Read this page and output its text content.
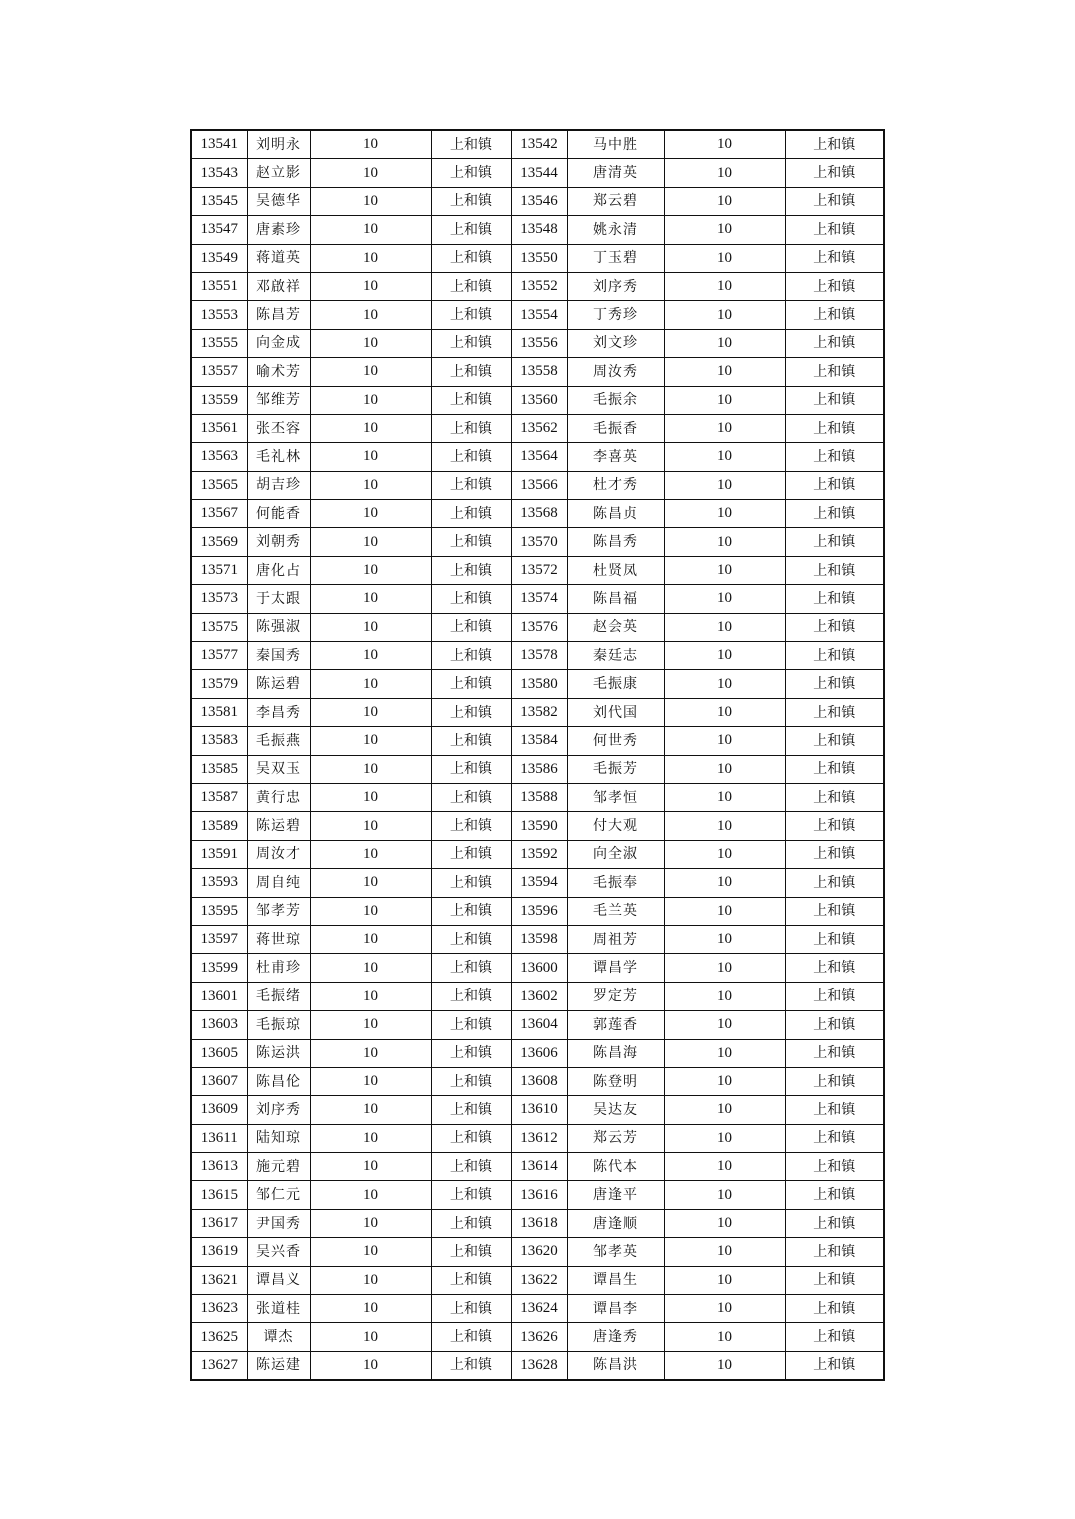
13541	刘明永	10	上和镇	13542	马中胜	10	上和镇
13543	赵立影	10	上和镇	13544	唐清英	10	上和镇
13545	吴德华	10	上和镇	13546	郑云碧	10	上和镇
13547	唐素珍	10	上和镇	13548	姚永清	10	上和镇
13549	蒋道英	10	上和镇	13550	丁玉碧	10	上和镇
13551	邓啟祥	10	上和镇	13552	刘序秀	10	上和镇
13553	陈昌芳	10	上和镇	13554	丁秀珍	10	上和镇
13555	向金成	10	上和镇	13556	刘文珍	10	上和镇
13557	喻术芳	10	上和镇	13558	周汝秀	10	上和镇
13559	邹维芳	10	上和镇	13560	毛振余	10	上和镇
13561	张丕容	10	上和镇	13562	毛振香	10	上和镇
13563	毛礼林	10	上和镇	13564	李喜英	10	上和镇
13565	胡吉珍	10	上和镇	13566	杜才秀	10	上和镇
13567	何能香	10	上和镇	13568	陈昌贞	10	上和镇
13569	刘朝秀	10	上和镇	13570	陈昌秀	10	上和镇
13571	唐化占	10	上和镇	13572	杜贤凤	10	上和镇
13573	于太跟	10	上和镇	13574	陈昌福	10	上和镇
13575	陈强淑	10	上和镇	13576	赵会英	10	上和镇
13577	秦国秀	10	上和镇	13578	秦廷志	10	上和镇
13579	陈运碧	10	上和镇	13580	毛振康	10	上和镇
13581	李昌秀	10	上和镇	13582	刘代国	10	上和镇
13583	毛振燕	10	上和镇	13584	何世秀	10	上和镇
13585	吴双玉	10	上和镇	13586	毛振芳	10	上和镇
13587	黄行忠	10	上和镇	13588	邹孝恒	10	上和镇
13589	陈运碧	10	上和镇	13590	付大观	10	上和镇
13591	周汝才	10	上和镇	13592	向全淑	10	上和镇
13593	周自纯	10	上和镇	13594	毛振奉	10	上和镇
13595	邹孝芳	10	上和镇	13596	毛兰英	10	上和镇
13597	蒋世琼	10	上和镇	13598	周祖芳	10	上和镇
13599	杜甫珍	10	上和镇	13600	谭昌学	10	上和镇
13601	毛振绪	10	上和镇	13602	罗定芳	10	上和镇
13603	毛振琼	10	上和镇	13604	郭莲香	10	上和镇
13605	陈运洪	10	上和镇	13606	陈昌海	10	上和镇
13607	陈昌伦	10	上和镇	13608	陈登明	10	上和镇
13609	刘序秀	10	上和镇	13610	吴达友	10	上和镇
13611	陆知琼	10	上和镇	13612	郑云芳	10	上和镇
13613	施元碧	10	上和镇	13614	陈代本	10	上和镇
13615	邹仁元	10	上和镇	13616	唐逢平	10	上和镇
13617	尹国秀	10	上和镇	13618	唐逢顺	10	上和镇
13619	吴兴香	10	上和镇	13620	邹孝英	10	上和镇
13621	谭昌义	10	上和镇	13622	谭昌生	10	上和镇
13623	张道桂	10	上和镇	13624	谭昌李	10	上和镇
13625	谭杰	10	上和镇	13626	唐逢秀	10	上和镇
13627	陈运建	10	上和镇	13628	陈昌洪	10	上和镇
